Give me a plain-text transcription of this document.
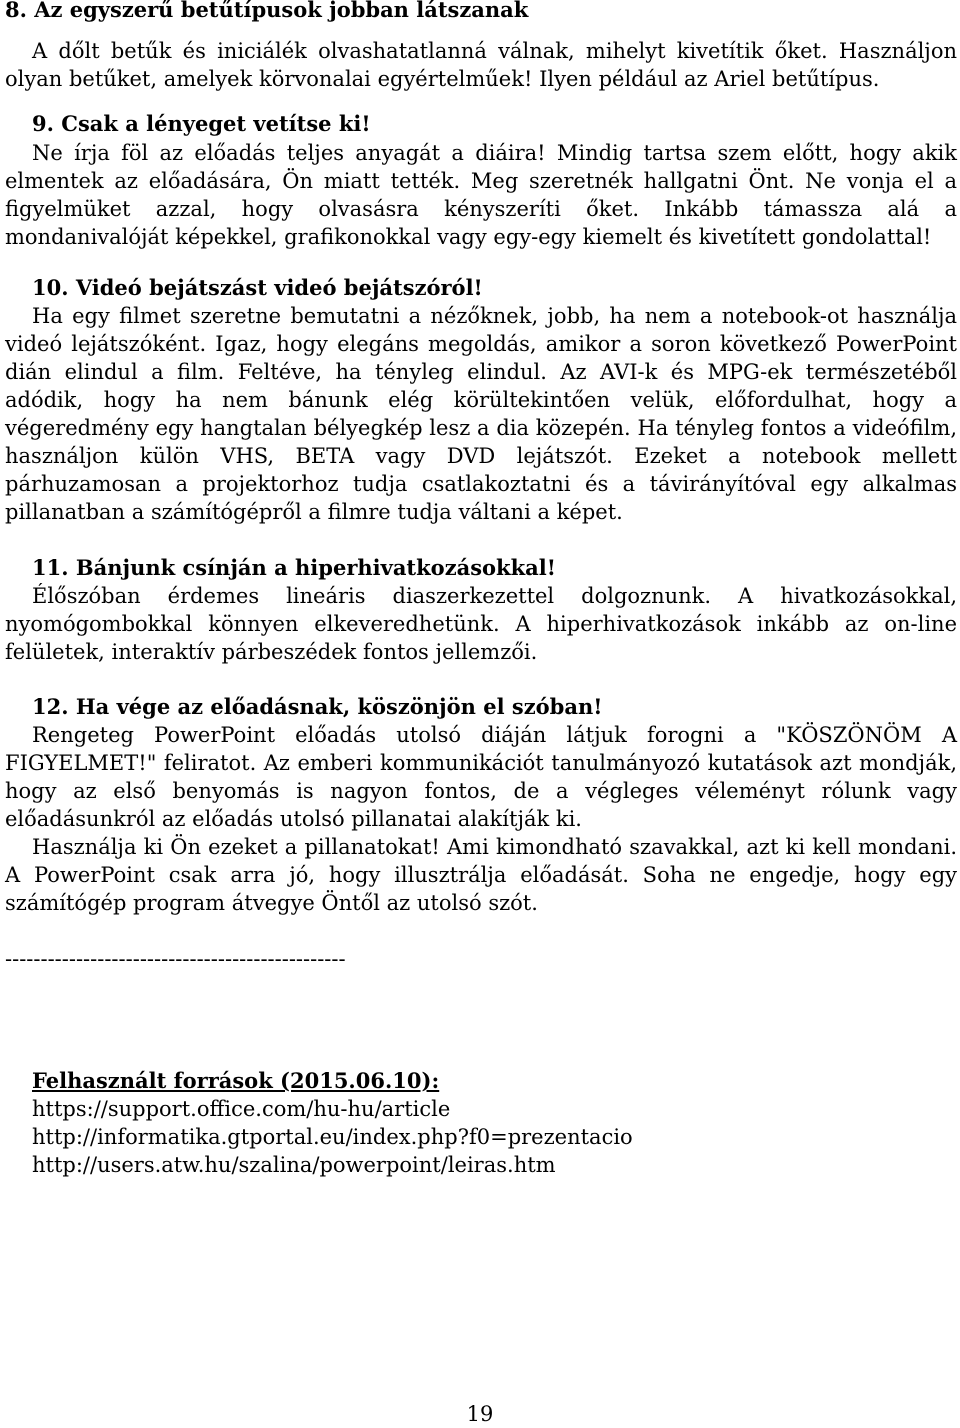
8. Az egyszerű betűtípusok jobban látszanak

A dőlt betűk és iniciálék olvashatatlanná válnak, mihelyt kivetítik őket. Használjon olyan betűket, amelyek körvonalai egyértelműek! Ilyen például az Ariel betűtípus.

9. Csak a lényeget vetítse ki!

Ne írja föl az előadás teljes anyagát a diáira! Mindig tartsa szem előtt, hogy akik elmentek az előadására, Ön miatt tették. Meg szeretnék hallgatni Önt. Ne vonja el a figyelmüket azzal, hogy olvasásra kényszeríti őket. Inkább támassza alá a mondanivalóját képekkel, grafikonokkal vagy egy-egy kiemelt és kivetített gondolattal!

10. Videó bejátszást videó bejátszóról!

Ha egy filmet szeretne bemutatni a nézőknek, jobb, ha nem a notebook-ot használja videó lejátszóként. Igaz, hogy elegáns megoldás, amikor a soron következő PowerPoint dián elindul a film. Feltéve, ha tényleg elindul. Az AVI-k és MPG-ek természetéből adódik, hogy ha nem bánunk elég körültekintően velük, előfordulhat, hogy a végeredmény egy hangtalan bélyegkép lesz a dia közepén. Ha tényleg fontos a videófilm, használjon külön VHS, BETA vagy DVD lejátszót. Ezeket a notebook mellett párhuzamosan a projektorhoz tudja csatlakoztatni és a távirányítóval egy alkalmas pillanatban a számítógépről a filmre tudja váltani a képet.

11. Bánjunk csínján a hiperhivatkozásokkal!

Élőszóban érdemes lineáris diaszerkezettel dolgoznunk. A hivatkozásokkal, nyomógombokkal könnyen elkeveredhetünk. A hiperhivatkozások inkább az on-line felületek, interaktív párbeszédek fontos jellemzői.

12. Ha vége az előadásnak, köszönjön el szóban!

Rengeteg PowerPoint előadás utolsó diáján látjuk forogni a "KÖSZÖNÖM A FIGYELMET!" feliratot. Az emberi kommunikációt tanulmányozó kutatások azt mondják, hogy az első benyomás is nagyon fontos, de a végleges véleményt rólunk vagy előadásunkról az előadás utolsó pillanatai alakítják ki.

Használja ki Ön ezeket a pillanatokat! Ami kimondható szavakkal, azt ki kell mondani. A PowerPoint csak arra jó, hogy illusztrálja előadását. Soha ne engedje, hogy egy számítógép program átvegye Öntől az utolsó szót.

------------------------------------------------
Felhasznált források (2015.06.10):
https://support.office.com/hu-hu/article
http://informatika.gtportal.eu/index.php?f0=prezentacio
http://users.atw.hu/szalina/powerpoint/leiras.htm
19
